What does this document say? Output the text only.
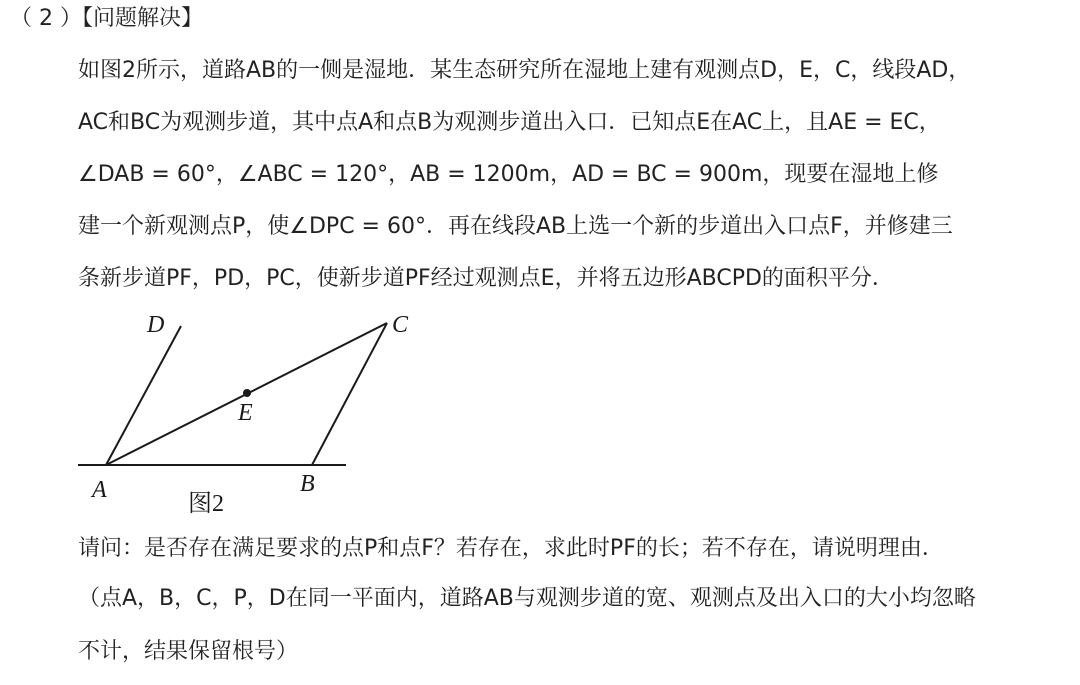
（ 2 ）【问题解决】
如图2所示，道路AB的一侧是湿地．某生态研究所在湿地上建有观测点D，E，C，线段AD，
AC和BC为观测步道，其中点A和点B为观测步道出入口．已知点E在AC上，且AE = EC，
∠DAB = 60°，∠ABC = 120°，AB = 1200m，AD = BC = 900m，现要在湿地上修
建一个新观测点P，使∠DPC = 60°．再在线段AB上选一个新的步道出入口点F，并修建三
条新步道PF，PD，PC，使新步道PF经过观测点E，并将五边形ABCPD的面积平分．
D	C
E
A	B
图2
请问：是否存在满足要求的点P和点F？若存在，求此时PF的长；若不存在，请说明理由．
（点A，B，C，P，D在同一平面内，道路AB与观测步道的宽、观测点及出入口的大小均忽略
不计，结果保留根号）
